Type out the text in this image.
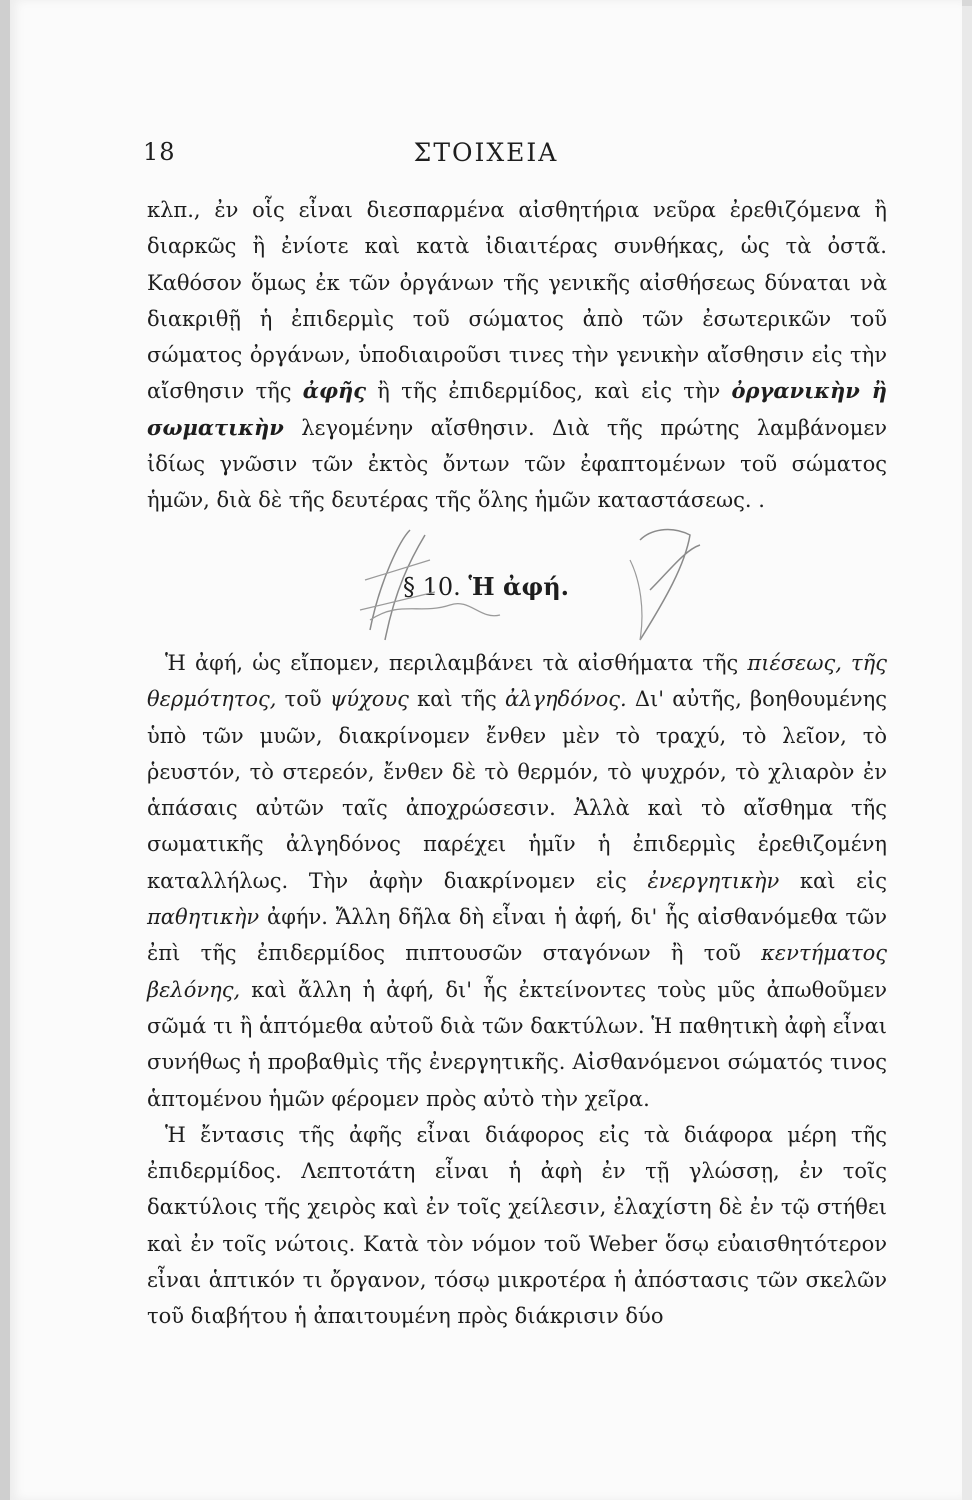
18	ΣΤΟΙΧΕΙΑ

κλπ., ἐν οἷς εἶναι διεσπαρμένα αἰσθητήρια νεῦρα ἐρεθιζόμενα ἢ διαρκῶς ἢ ἐνίοτε καὶ κατὰ ἰδιαιτέρας συνθήκας, ὡς τὰ ὀστᾶ. Καθόσον ὅμως ἐκ τῶν ὀργάνων τῆς γενικῆς αἰσθήσεως δύναται νὰ διακριθῇ ἡ ἐπιδερμὶς τοῦ σώματος ἀπὸ τῶν ἐσωτερικῶν τοῦ σώματος ὀργάνων, ὑποδιαιροῦσι τινες τὴν γενικὴν αἴσθησιν εἰς τὴν αἴσθησιν τῆς ἀφῆς ἢ τῆς ἐπιδερμίδος, καὶ εἰς τὴν ὀργανικὴν ἢ σωματικὴν λεγομένην αἴσθησιν. Διὰ τῆς πρώτης λαμβάνομεν ἰδίως γνῶσιν τῶν ἐκτὸς ὄντων τῶν ἐφαπτομένων τοῦ σώματος ἡμῶν, διὰ δὲ τῆς δευτέρας τῆς ὅλης ἡμῶν καταστάσεως. .

§ 10. Ἡ ἀφή.

Ἡ ἀφή, ὡς εἴπομεν, περιλαμβάνει τὰ αἰσθήματα τῆς πιέσεως, τῆς θερμότητος, τοῦ ψύχους καὶ τῆς ἀλγηδόνος. Δι' αὐτῆς, βοηθουμένης ὑπὸ τῶν μυῶν, διακρίνομεν ἔνθεν μὲν τὸ τραχύ, τὸ λεῖον, τὸ ῥευστόν, τὸ στερεόν, ἔνθεν δὲ τὸ θερμόν, τὸ ψυχρόν, τὸ χλιαρὸν ἐν ἁπάσαις αὐτῶν ταῖς ἀποχρώσεσιν. Ἀλλὰ καὶ τὸ αἴσθημα τῆς σωματικῆς ἀλγηδόνος παρέχει ἡμῖν ἡ ἐπιδερμὶς ἐρεθιζομένη καταλλήλως. Τὴν ἀφὴν διακρίνομεν εἰς ἐνεργητικὴν καὶ εἰς παθητικὴν ἀφήν. Ἄλλη δῆλα δὴ εἶναι ἡ ἀφή, δι' ἧς αἰσθανόμεθα τῶν ἐπὶ τῆς ἐπιδερμίδος πιπτουσῶν σταγόνων ἢ τοῦ κεντήματος βελόνης, καὶ ἄλλη ἡ ἀφή, δι' ἧς ἐκτείνοντες τοὺς μῦς ἀπωθοῦμεν σῶμά τι ἢ ἁπτόμεθα αὐτοῦ διὰ τῶν δακτύλων. Ἡ παθητικὴ ἀφὴ εἶναι συνήθως ἡ προβαθμὶς τῆς ἐνεργητικῆς. Αἰσθανόμενοι σώματός τινος ἁπτομένου ἡμῶν φέρομεν πρὸς αὐτὸ τὴν χεῖρα.

Ἡ ἔντασις τῆς ἀφῆς εἶναι διάφορος εἰς τὰ διάφορα μέρη τῆς ἐπιδερμίδος. Λεπτοτάτη εἶναι ἡ ἀφὴ ἐν τῇ γλώσσῃ, ἐν τοῖς δακτύλοις τῆς χειρὸς καὶ ἐν τοῖς χείλεσιν, ἐλαχίστη δὲ ἐν τῷ στήθει καὶ ἐν τοῖς νώτοις. Κατὰ τὸν νόμον τοῦ Weber ὅσῳ εὐαισθητότερον εἶναι ἁπτικόν τι ὄργανον, τόσῳ μικροτέρα ἡ ἀπόστασις τῶν σκελῶν τοῦ διαβήτου ἡ ἀπαιτουμένη πρὸς διάκρισιν δύο
